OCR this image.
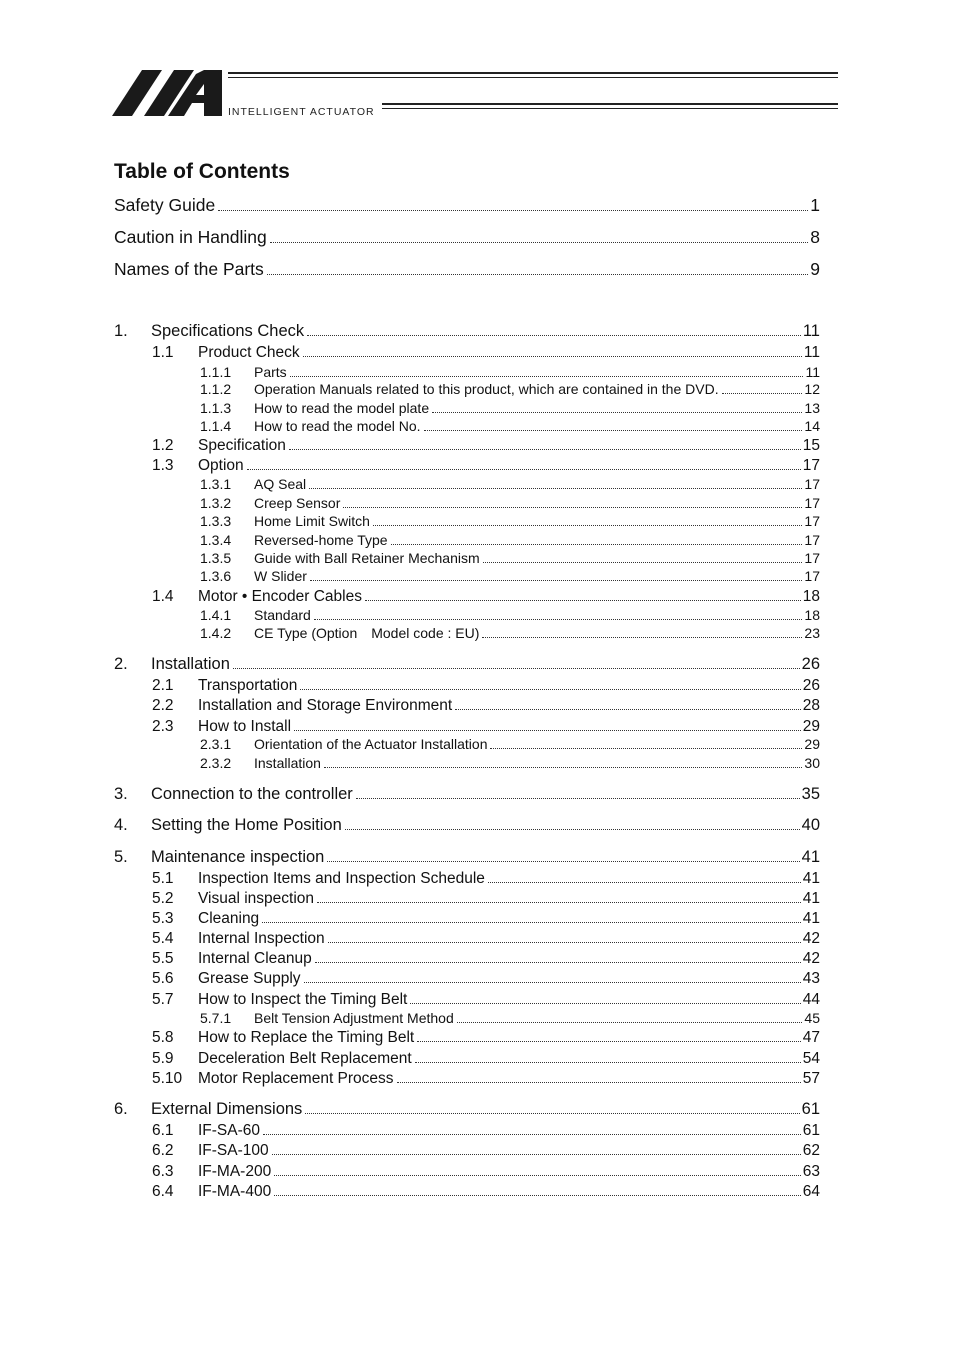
INTELLIGENT ACTUATOR
Table of Contents
Safety Guide	1
Caution in Handling	8
Names of the Parts	9
1.	Specifications Check	11
1.1	Product Check	11
1.1.1	Parts	11
1.1.2	Operation Manuals related to this product, which are contained in the DVD.	12
1.1.3	How to read the model plate	13
1.1.4	How to read the model No.	14
1.2	Specification	15
1.3	Option	17
1.3.1	AQ Seal	17
1.3.2	Creep Sensor	17
1.3.3	Home Limit Switch	17
1.3.4	Reversed-home Type	17
1.3.5	Guide with Ball Retainer Mechanism	17
1.3.6	W Slider	17
1.4	Motor • Encoder Cables	18
1.4.1	Standard	18
1.4.2	CE Type (Option　Model code : EU)	23
2.	Installation	26
2.1	Transportation	26
2.2	Installation and Storage Environment	28
2.3	How to Install	29
2.3.1	Orientation of the Actuator Installation	29
2.3.2	Installation	30
3.	Connection to the controller	35
4.	Setting the Home Position	40
5.	Maintenance inspection	41
5.1	Inspection Items and Inspection Schedule	41
5.2	Visual inspection	41
5.3	Cleaning	41
5.4	Internal Inspection	42
5.5	Internal Cleanup	42
5.6	Grease Supply	43
5.7	How to Inspect the Timing Belt	44
5.7.1	Belt Tension Adjustment Method	45
5.8	How to Replace the Timing Belt	47
5.9	Deceleration Belt Replacement	54
5.10	Motor Replacement Process	57
6.	External Dimensions	61
6.1	IF-SA-60	61
6.2	IF-SA-100	62
6.3	IF-MA-200	63
6.4	IF-MA-400	64
